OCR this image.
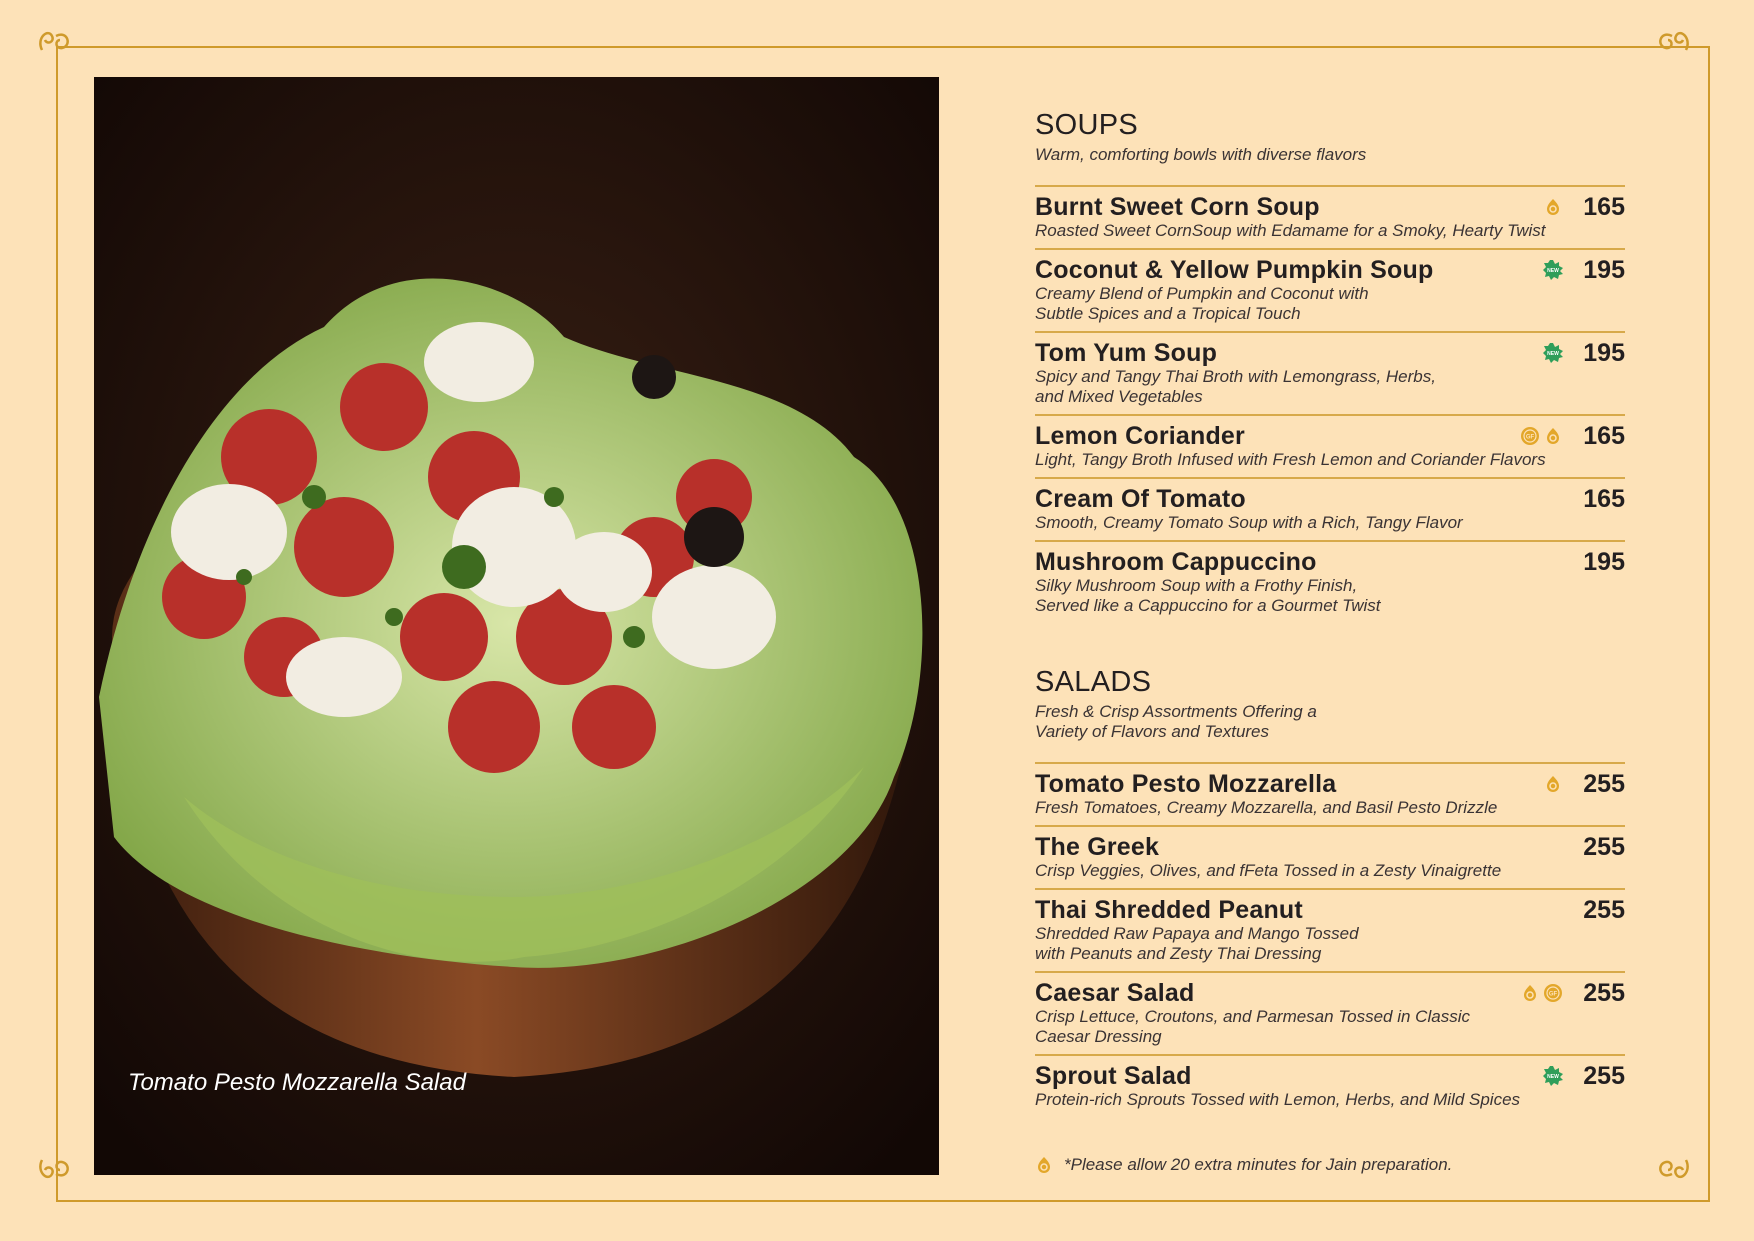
Tomato Pesto Mozzarella Salad
SOUPS
Warm, comforting bowls with diverse flavors
Burnt Sweet Corn Soup
Roasted Sweet CornSoup with Edamame for a Smoky, Hearty Twist
165
Coconut & Yellow Pumpkin Soup
Creamy Blend of Pumpkin and Coconut with
Subtle Spices and a Tropical Touch
NEW 195
Tom Yum Soup
Spicy and Tangy Thai Broth with Lemongrass, Herbs,
and Mixed Vegetables
NEW 195
Lemon Coriander
Light, Tangy Broth Infused with Fresh Lemon and Coriander Flavors
GF 165
Cream Of Tomato
Smooth, Creamy Tomato Soup with a Rich, Tangy Flavor
165
Mushroom Cappuccino
Silky Mushroom Soup with a Frothy Finish,
Served like a Cappuccino for a Gourmet Twist
195
SALADS
Fresh & Crisp Assortments Offering a
Variety of Flavors and Textures
Tomato Pesto Mozzarella
Fresh Tomatoes, Creamy Mozzarella, and Basil Pesto Drizzle
255
The Greek
Crisp Veggies, Olives, and fFeta Tossed in a Zesty Vinaigrette
255
Thai Shredded Peanut
Shredded Raw Papaya and Mango Tossed
with Peanuts and Zesty Thai Dressing
255
Caesar Salad
Crisp Lettuce, Croutons, and Parmesan Tossed in Classic
Caesar Dressing
GF 255
Sprout Salad
Protein-rich Sprouts Tossed with Lemon, Herbs, and Mild Spices
NEW 255
*Please allow 20 extra minutes for Jain preparation.
